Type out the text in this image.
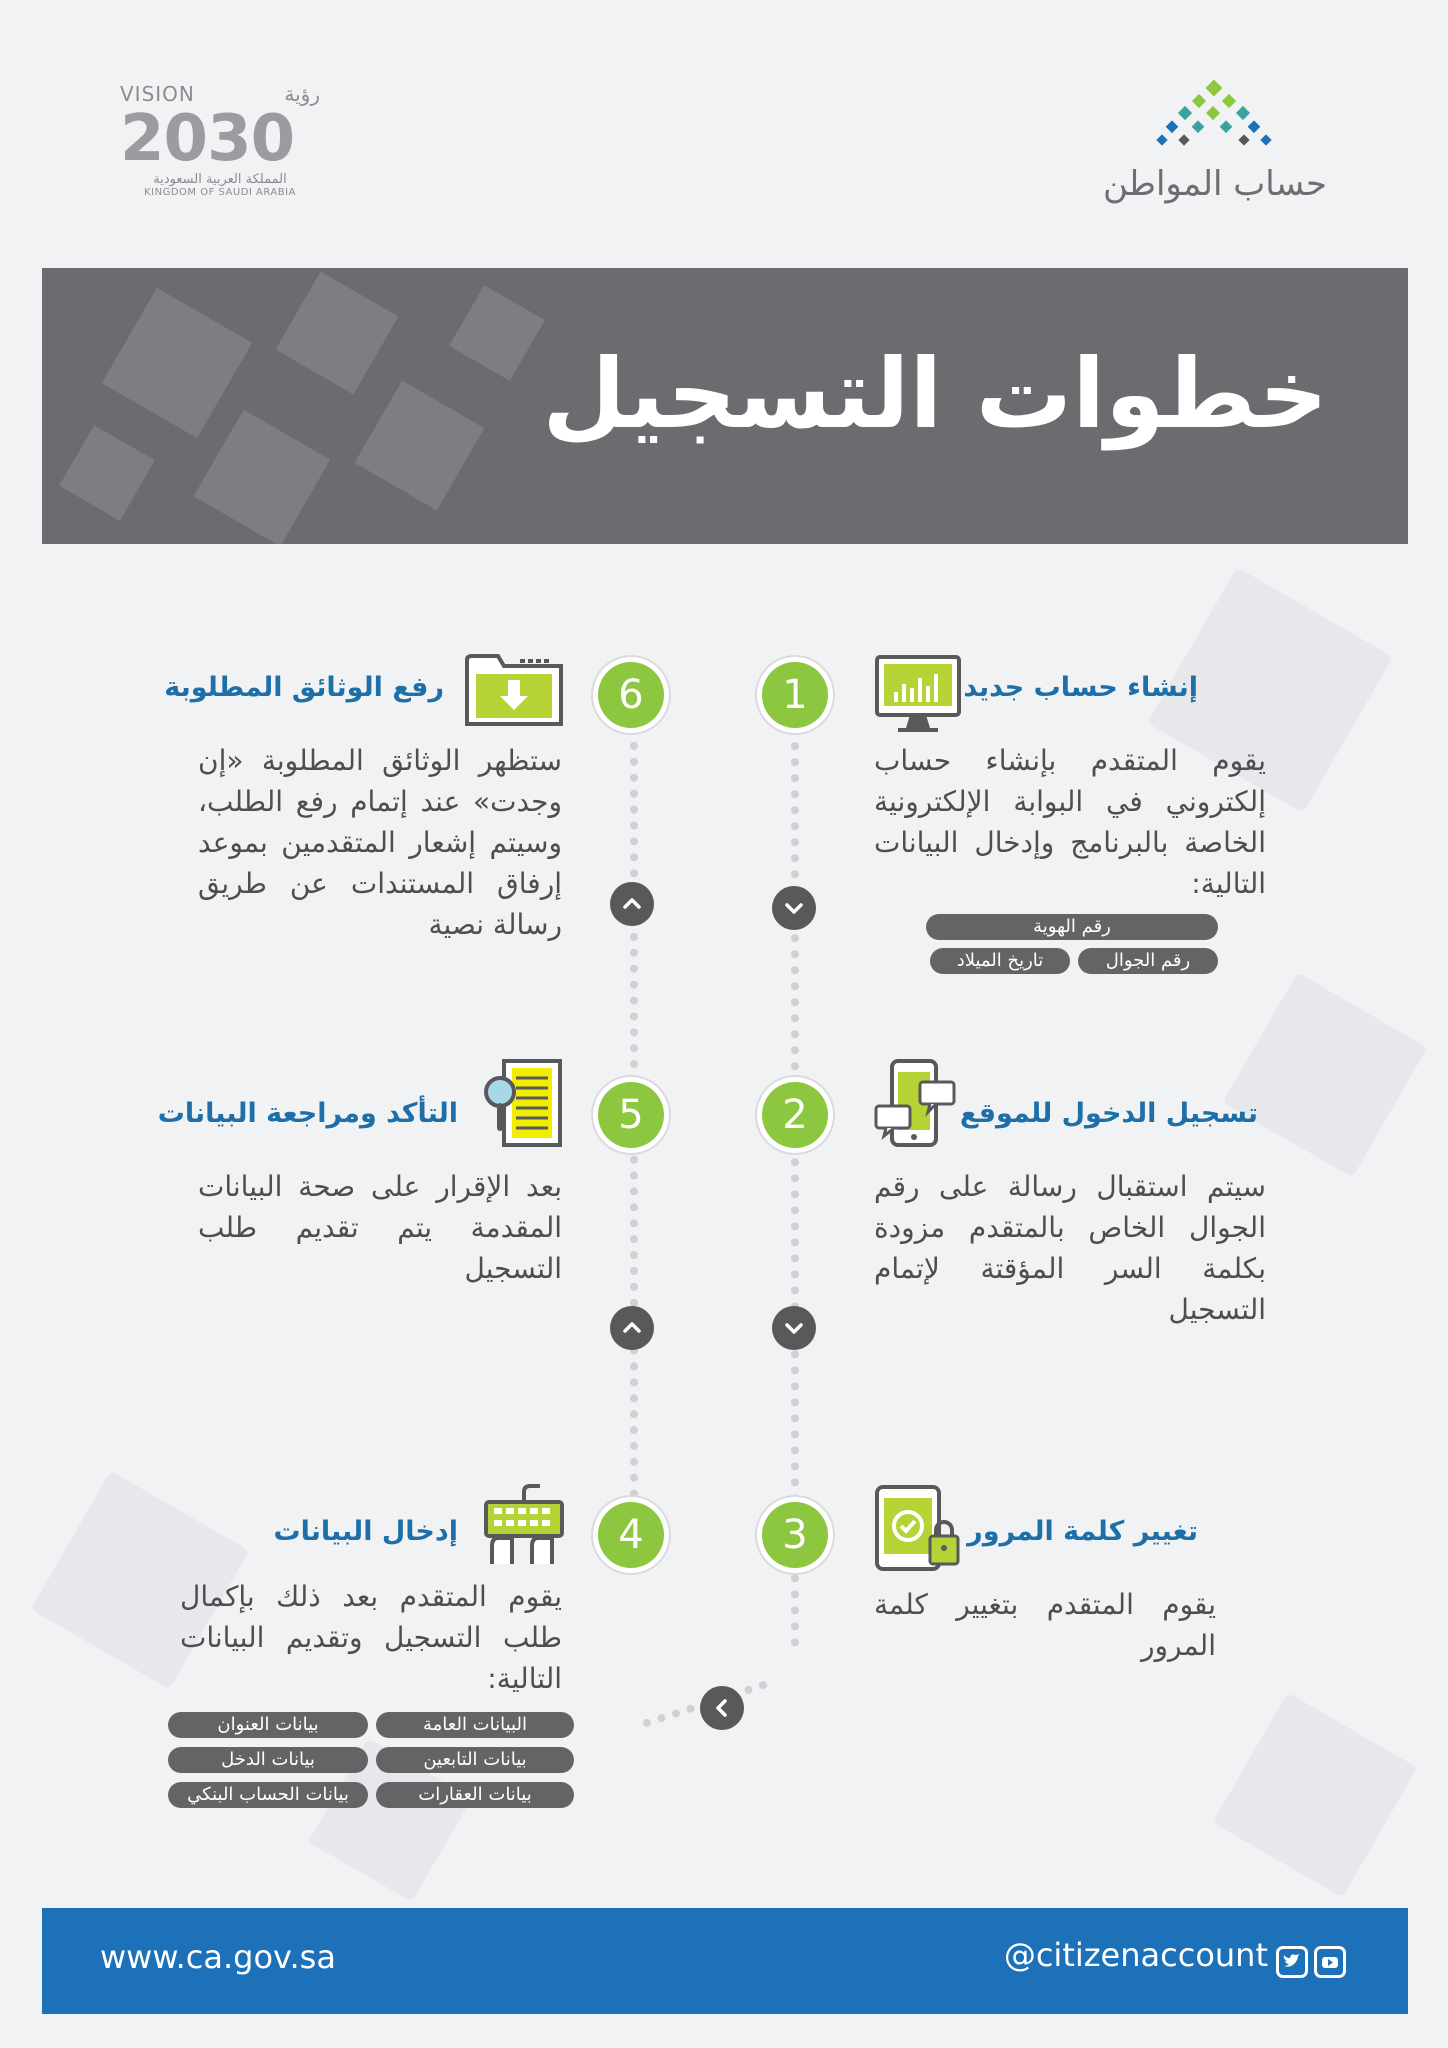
حساب المواطن
VISION	رؤية
2030
المملكة العربية السعودية
KINGDOM OF SAUDI ARABIA
خطوات التسجيل
1
2
3
4
5
6	إنشاء حساب جديد
يقوم المتقدم بإنشاء حساب إلكتروني في البوابة الإلكترونية الخاصة بالبرنامج وإدخال البيانات التالية:
رقم الهوية
رقم الجوال
تاريخ الميلاد
تسجيل الدخول للموقع
سيتم استقبال رسالة على رقم الجوال الخاص بالمتقدم مزودة بكلمة السر المؤقتة لإتمام التسجيل
تغيير كلمة المرور
يقوم المتقدم بتغيير كلمة المرور
إدخال البيانات
يقوم المتقدم بعد ذلك بإكمال طلب التسجيل وتقديم البيانات التالية:
البيانات العامة
بيانات العنوان
بيانات التابعين
بيانات الدخل
بيانات العقارات
بيانات الحساب البنكي
التأكد ومراجعة البيانات
بعد الإقرار على صحة البيانات المقدمة يتم تقديم طلب التسجيل
رفع الوثائق المطلوبة
ستظهر الوثائق المطلوبة «إن وجدت» عند إتمام رفع الطلب، وسيتم إشعار المتقدمين بموعد إرفاق المستندات عن طريق رسالة نصية
www.ca.gov.sa	@citizenaccount
